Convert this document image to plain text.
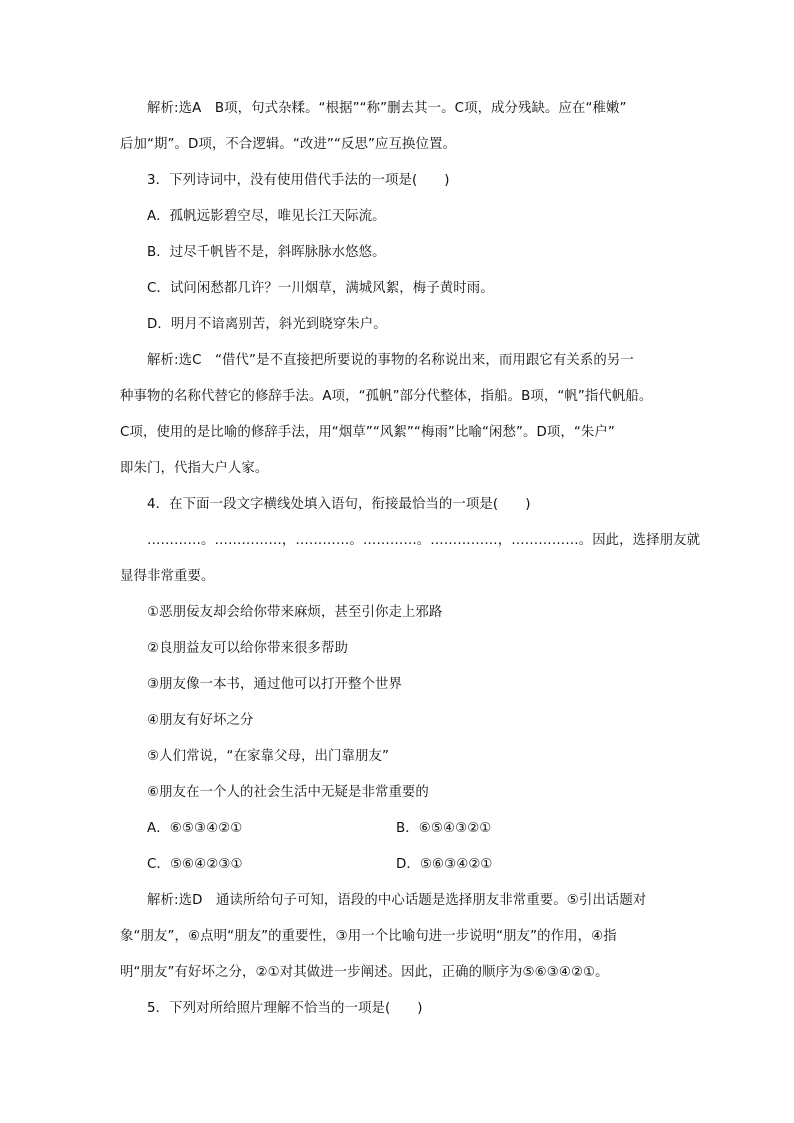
解析:选A　B项，句式杂糅。“根据”“称”删去其一。C项，成分残缺。应在“稚嫩”
后加“期”。D项，不合逻辑。“改进”“反思”应互换位置。
3．下列诗词中，没有使用借代手法的一项是(　　)
A．孤帆远影碧空尽，唯见长江天际流。
B．过尽千帆皆不是，斜晖脉脉水悠悠。
C．试问闲愁都几许？一川烟草，满城风絮，梅子黄时雨。
D．明月不谙离别苦，斜光到晓穿朱户。
解析:选C　“借代”是不直接把所要说的事物的名称说出来，而用跟它有关系的另一
种事物的名称代替它的修辞手法。A项，“孤帆”部分代整体，指船。B项，“帆”指代帆船。
C项，使用的是比喻的修辞手法，用“烟草”“风絮”“梅雨”比喻“闲愁”。D项，“朱户”
即朱门，代指大户人家。
4．在下面一段文字横线处填入语句，衔接最恰当的一项是(　　)
…………。……………，…………。…………。……………，……………。因此，选择朋友就
显得非常重要。
①恶朋佞友却会给你带来麻烦，甚至引你走上邪路
②良朋益友可以给你带来很多帮助
③朋友像一本书，通过他可以打开整个世界
④朋友有好坏之分
⑤人们常说，“在家靠父母，出门靠朋友”
⑥朋友在一个人的社会生活中无疑是非常重要的
A．⑥⑤③④②①	B．⑥⑤④③②①
C．⑤⑥④②③①	D．⑤⑥③④②①
解析:选D　通读所给句子可知，语段的中心话题是选择朋友非常重要。⑤引出话题对
象“朋友”，⑥点明“朋友”的重要性，③用一个比喻句进一步说明“朋友”的作用，④指
明“朋友”有好坏之分，②①对其做进一步阐述。因此，正确的顺序为⑤⑥③④②①。
5．下列对所给照片理解不恰当的一项是(　　)
